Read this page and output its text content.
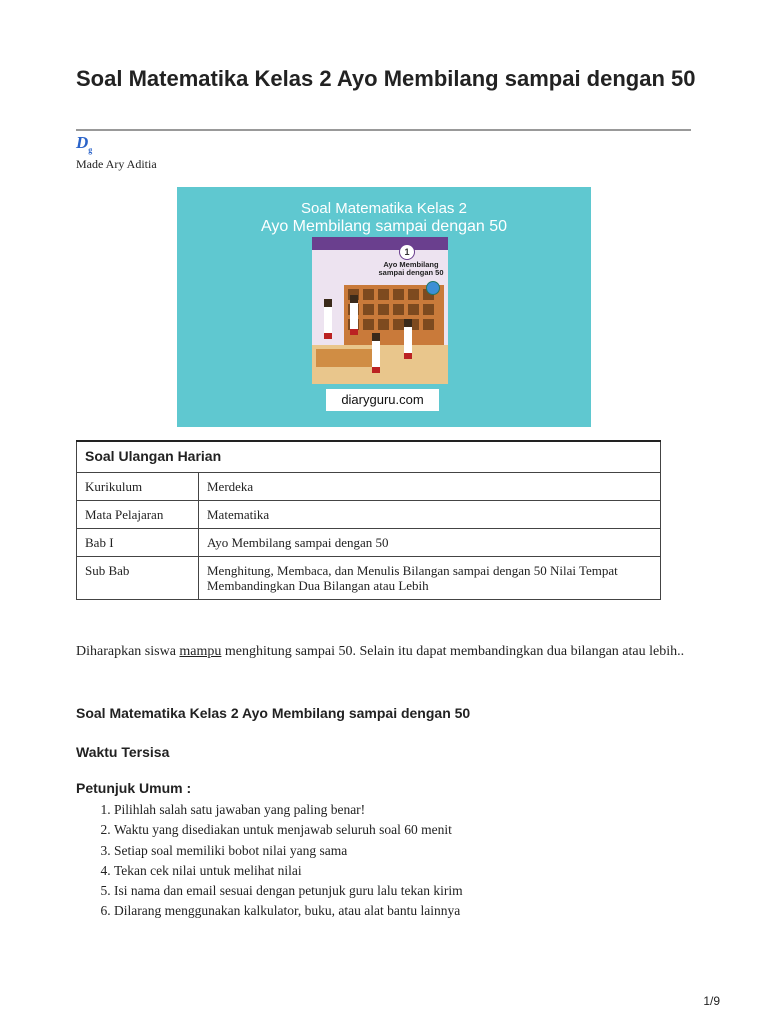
Soal Matematika Kelas 2 Ayo Membilang sampai dengan 50
$D_g$
Made Ary Aditia
Soal Matematika Kelas 2
Ayo Membilang sampai dengan 50
1
Ayo Membilang sampai dengan 50
diaryguru.com
Soal Ulangan Harian	
Kurikulum	Merdeka
Mata Pelajaran	Matematika
Bab I	Ayo Membilang sampai dengan 50
Sub Bab	Menghitung, Membaca, dan Menulis Bilangan sampai dengan 50 Nilai Tempat
Membandingkan Dua Bilangan atau Lebih

Diharapkan siswa mampu menghitung sampai 50. Selain itu dapat membandingkan dua bilangan atau lebih..

Soal Matematika Kelas 2 Ayo Membilang sampai dengan 50
Waktu Tersisa
Petunjuk Umum :
1. Pilihlah salah satu jawaban yang paling benar!
2. Waktu yang disediakan untuk menjawab seluruh soal 60 menit
3. Setiap soal memiliki bobot nilai yang sama
4. Tekan cek nilai untuk melihat nilai
5. Isi nama dan email sesuai dengan petunjuk guru lalu tekan kirim
6. Dilarang menggunakan kalkulator, buku, atau alat bantu lainnya
1/9
